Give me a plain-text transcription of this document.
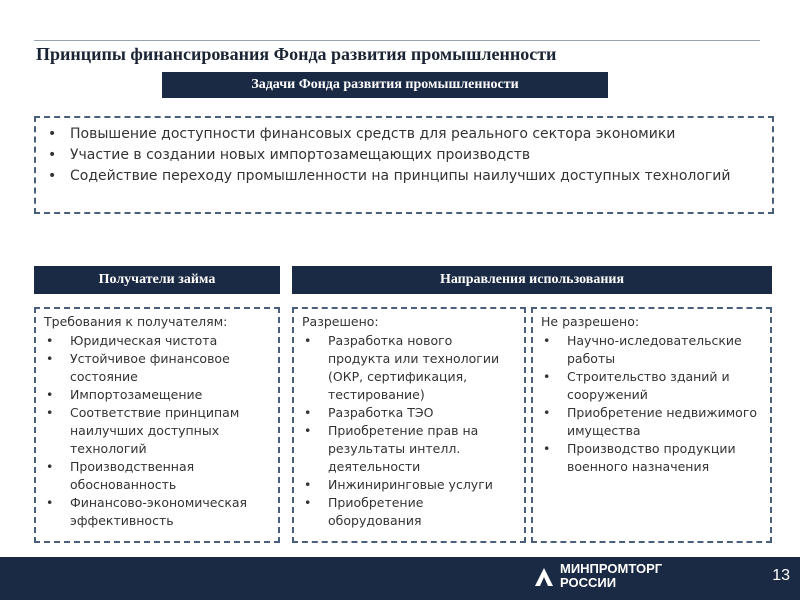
Принципы финансирования Фонда развития промышленности
Задачи Фонда развития промышленности
• Повышение доступности финансовых средств для реального сектора экономики
• Участие в создании новых импортозамещающих производств
• Содействие переходу промышленности на принципы наилучших доступных технологий
Получатели займа	Направления использования
Требования к получателям:
• Юридическая чистота
• Устойчивое финансовое состояние
• Импортозамещение
• Соответствие принципам наилучших доступных технологий
• Производственная обоснованность
• Финансово-экономическая эффективность
Разрешено:
• Разработка нового продукта или технологии (ОКР, сертификация, тестирование)
• Разработка ТЭО
• Приобретение прав на результаты интелл. деятельности
• Инжиниринговые услуги
• Приобретение оборудования
Не разрешено:
• Научно-иследовательские работы
• Строительство зданий и сооружений
• Приобретение недвижимого имущества
• Производство продукции военного назначения
МИНПРОМТОРГ
РОССИИ	13
